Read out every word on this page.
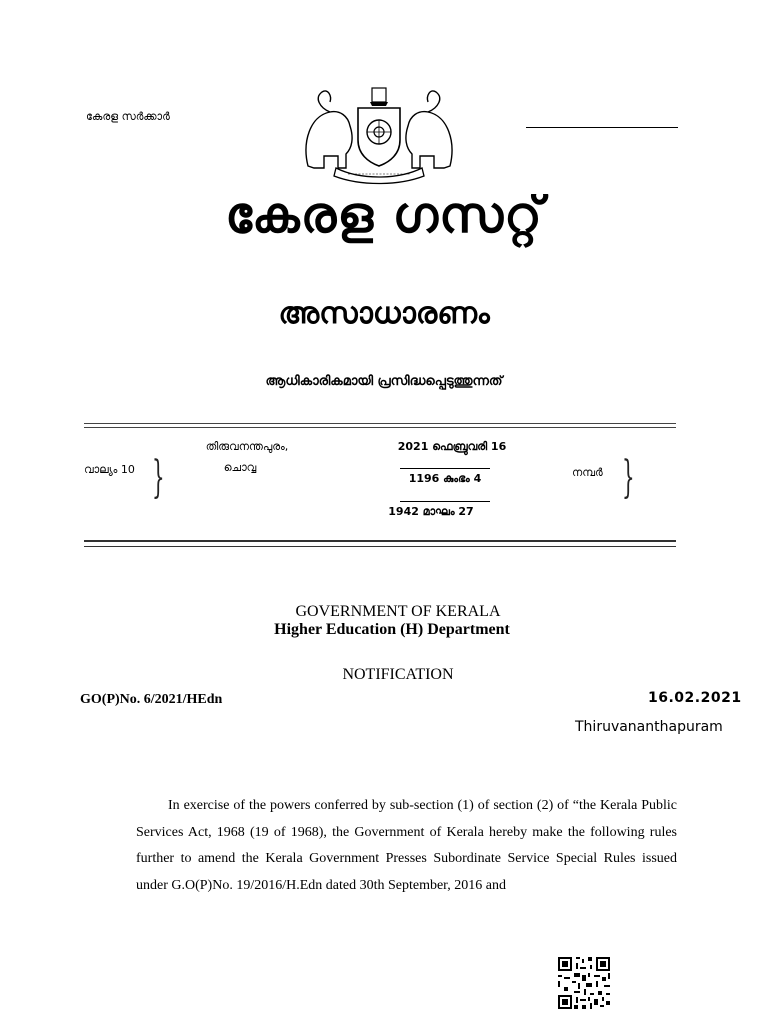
കേരള സർക്കാർ
കേരള ഗസറ്റ്
അസാധാരണം
ആധികാരികമായി പ്രസിദ്ധപ്പെടുത്തുന്നത്
വാല്യം 10 }
തിരുവനന്തപുരം,
ചൊവ്വ
2021 ഫെബ്രുവരി 16
1196 കുംഭം 4
1942 മാഘം 27
നമ്പർ }
GOVERNMENT OF KERALA
Higher Education (H) Department
NOTIFICATION
GO(P)No. 6/2021/HEdn	16.02.2021
Thiruvananthapuram
In exercise of the powers conferred by sub-section (1) of section (2) of “the Kerala Public Services Act, 1968 (19 of 1968), the Government of Kerala hereby make the following rules further to amend the Kerala Government Presses Subordinate Service Special Rules issued under G.O(P)No. 19/2016/H.Edn dated 30th September, 2016 and
